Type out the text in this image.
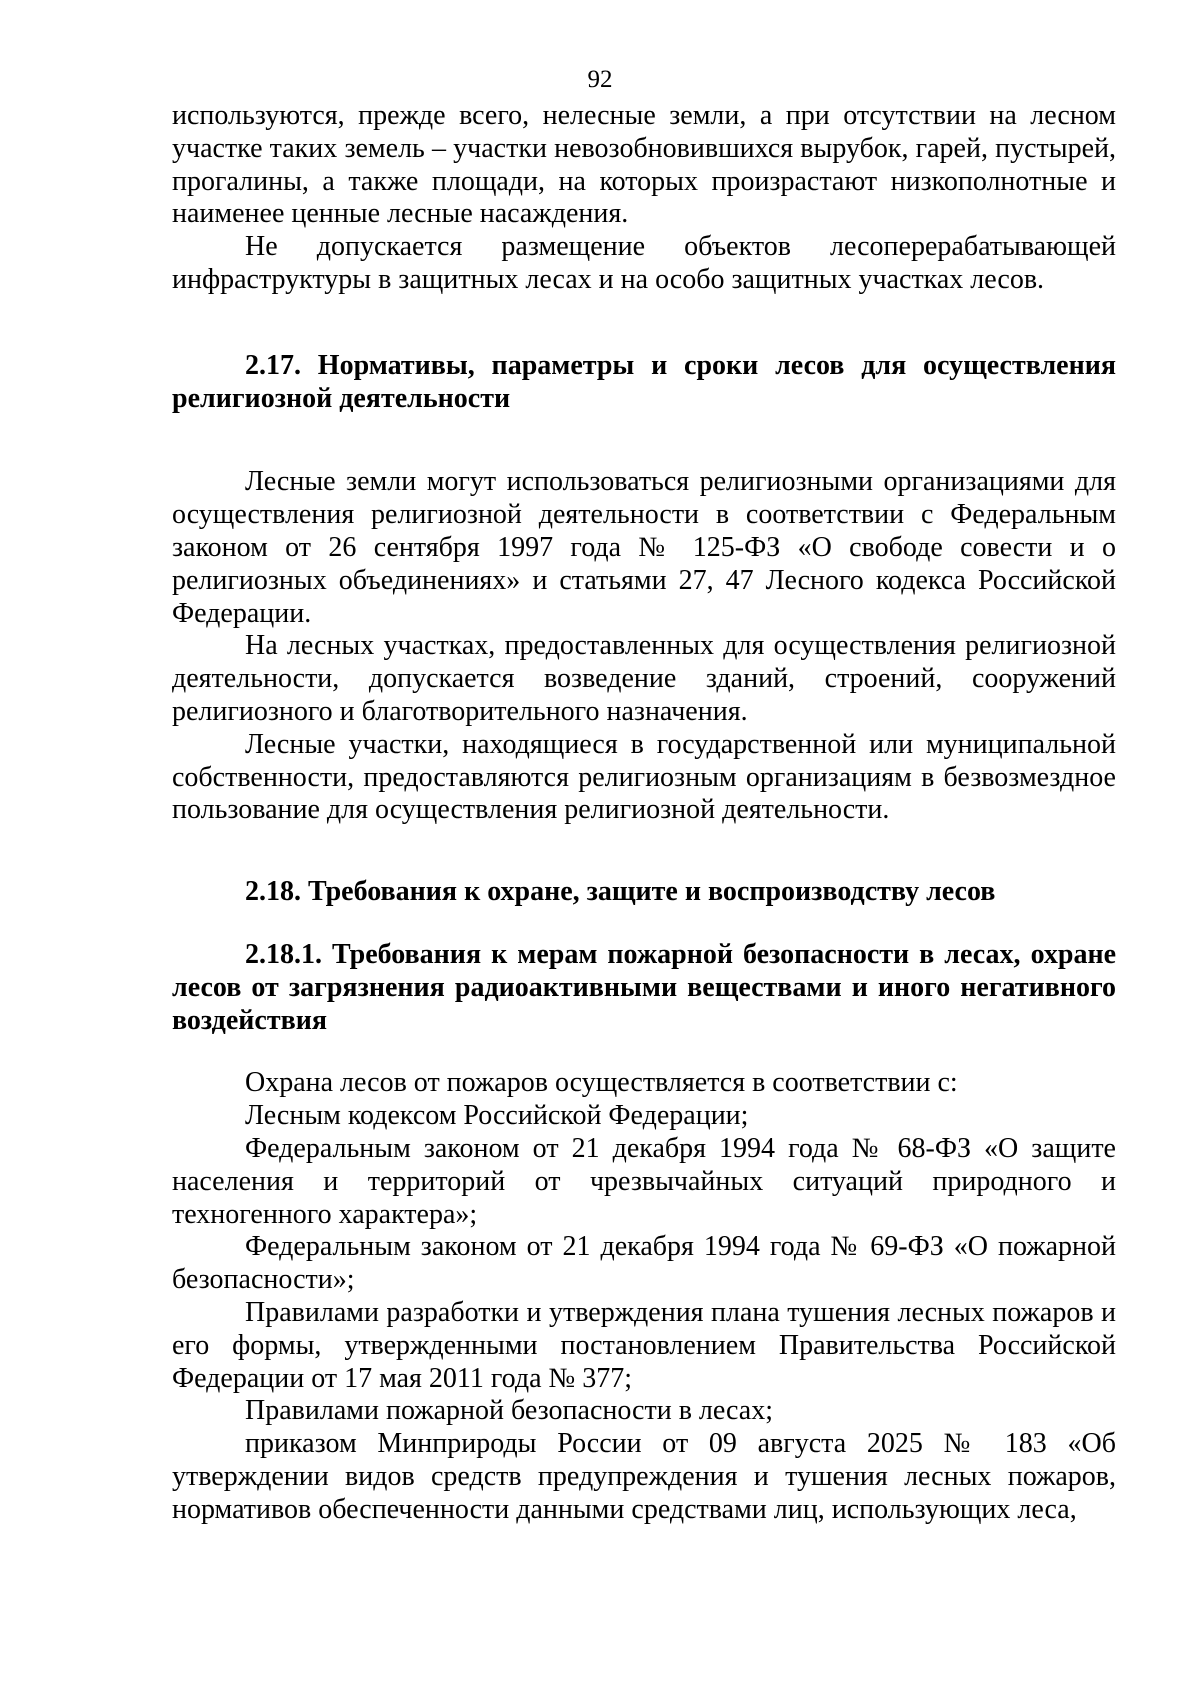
92

используются, прежде всего, нелесные земли, а при отсутствии на лесном участке таких земель – участки невозобновившихся вырубок, гарей, пустырей, прогалины, а также площади, на которых произрастают низкополнотные и наименее ценные лесные насаждения.

Не допускается размещение объектов лесоперерабатывающей инфраструктуры в защитных лесах и на особо защитных участках лесов.

2.17. Нормативы, параметры и сроки лесов для осуществления религиозной деятельности

Лесные земли могут использоваться религиозными организациями для осуществления религиозной деятельности в соответствии с Федеральным законом от 26 сентября 1997 года № 125-ФЗ «О свободе совести и о религиозных объединениях» и статьями 27, 47 Лесного кодекса Российской Федерации.

На лесных участках, предоставленных для осуществления религиозной деятельности, допускается возведение зданий, строений, сооружений религиозного и благотворительного назначения.

Лесные участки, находящиеся в государственной или муниципальной собственности, предоставляются религиозным организациям в безвозмездное пользование для осуществления религиозной деятельности.

2.18. Требования к охране, защите и воспроизводству лесов
2.18.1. Требования к мерам пожарной безопасности в лесах, охране лесов от загрязнения радиоактивными веществами и иного негативного воздействия

Охрана лесов от пожаров осуществляется в соответствии с:

Лесным кодексом Российской Федерации;

Федеральным законом от 21 декабря 1994 года № 68-ФЗ «О защите населения и территорий от чрезвычайных ситуаций природного и техногенного характера»;

Федеральным законом от 21 декабря 1994 года № 69-ФЗ «О пожарной безопасности»;

Правилами разработки и утверждения плана тушения лесных пожаров и его формы, утвержденными постановлением Правительства Российской Федерации от 17 мая 2011 года № 377;

Правилами пожарной безопасности в лесах;

приказом Минприроды России от 09 августа 2025 № 183 «Об утверждении видов средств предупреждения и тушения лесных пожаров, нормативов обеспеченности данными средствами лиц, использующих леса,
